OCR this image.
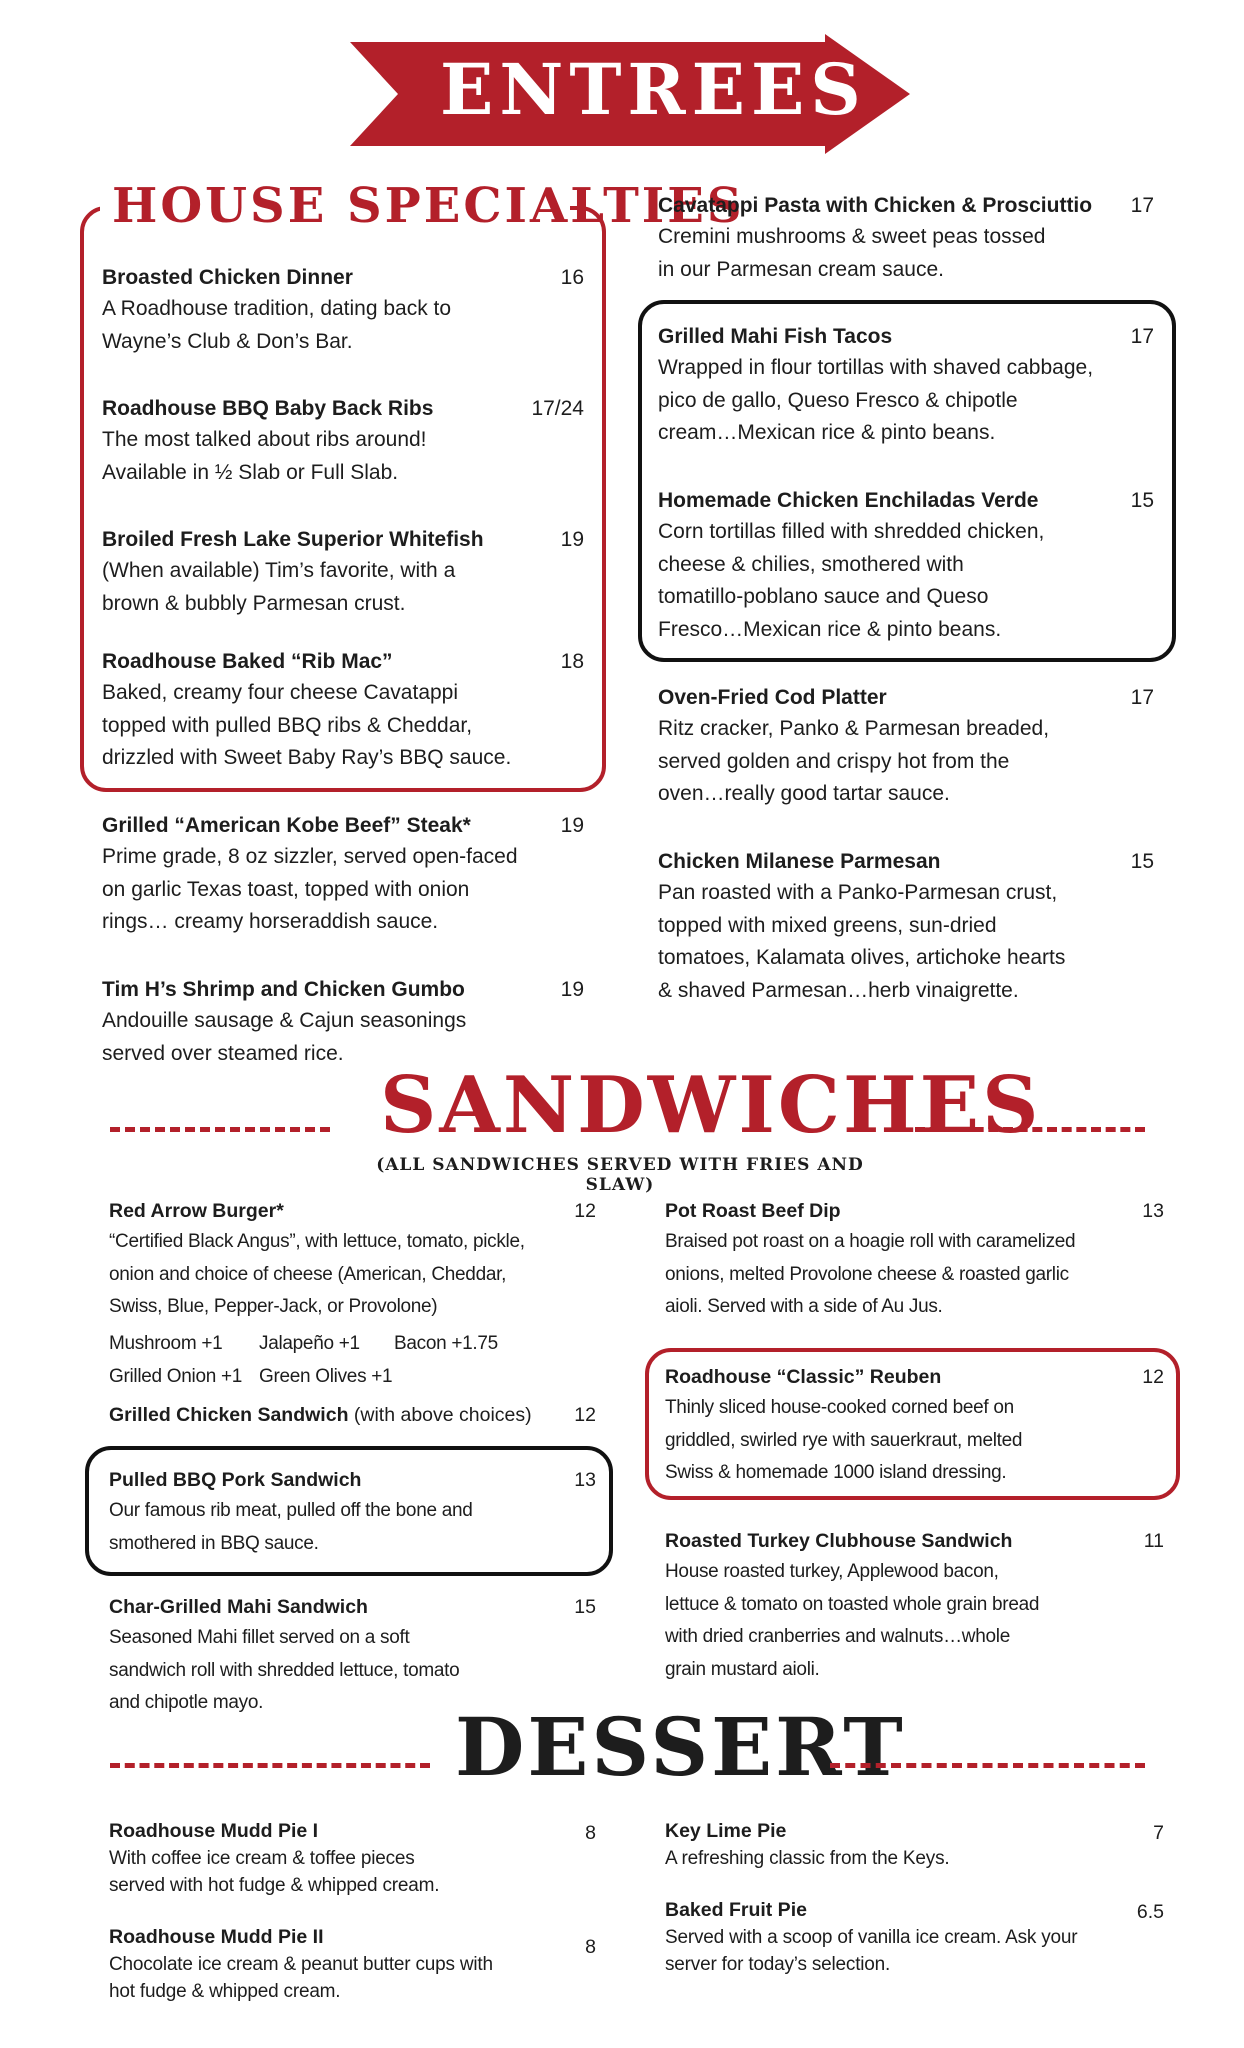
ENTREES
HOUSE SPECIALTIES
Broasted Chicken Dinner
A Roadhouse tradition, dating back to
Wayne’s Club & Don’s Bar.
16
Roadhouse BBQ Baby Back Ribs
The most talked about ribs around!
Available in ½ Slab or Full Slab.
17/24
Broiled Fresh Lake Superior Whitefish
(When available) Tim’s favorite, with a
brown & bubbly Parmesan crust.
19
Roadhouse Baked “Rib Mac”
Baked, creamy four cheese Cavatappi
topped with pulled BBQ ribs & Cheddar,
drizzled with Sweet Baby Ray’s BBQ sauce.
18
Grilled “American Kobe Beef” Steak*
Prime grade, 8 oz sizzler, served open-faced
on garlic Texas toast, topped with onion
rings… creamy horseraddish sauce.
19
Tim H’s Shrimp and Chicken Gumbo
Andouille sausage & Cajun seasonings
served over steamed rice.
19
Cavatappi Pasta with Chicken & Prosciuttio
Cremini mushrooms & sweet peas tossed
in our Parmesan cream sauce.
17
Grilled Mahi Fish Tacos
Wrapped in flour tortillas with shaved cabbage,
pico de gallo, Queso Fresco & chipotle
cream…Mexican rice & pinto beans.
17
Homemade Chicken Enchiladas Verde
Corn tortillas filled with shredded chicken,
cheese & chilies, smothered with
tomatillo-poblano sauce and Queso
Fresco…Mexican rice & pinto beans.
15
Oven-Fried Cod Platter
Ritz cracker, Panko & Parmesan breaded,
served golden and crispy hot from the
oven…really good tartar sauce.
17
Chicken Milanese Parmesan
Pan roasted with a Panko-Parmesan crust,
topped with mixed greens, sun-dried
tomatoes, Kalamata olives, artichoke hearts
& shaved Parmesan…herb vinaigrette.
15
SANDWICHES
(ALL SANDWICHES SERVED WITH FRIES AND SLAW)
Red Arrow Burger*
“Certified Black Angus”, with lettuce, tomato, pickle,
onion and choice of cheese (American, Cheddar,
Swiss, Blue, Pepper-Jack, or Provolone)
12
Pulled BBQ Pork Sandwich
Our famous rib meat, pulled off the bone and
smothered in BBQ sauce.
13
Char-Grilled Mahi Sandwich
Seasoned Mahi fillet served on a soft
sandwich roll with shredded lettuce, tomato
and chipotle mayo.
15
Pot Roast Beef Dip
Braised pot roast on a hoagie roll with caramelized
onions, melted Provolone cheese & roasted garlic
aioli. Served with a side of Au Jus.
13
Roadhouse “Classic” Reuben
Thinly sliced house-cooked corned beef on
griddled, swirled rye with sauerkraut, melted
Swiss & homemade 1000 island dressing.
12
Roasted Turkey Clubhouse Sandwich
House roasted turkey, Applewood bacon,
lettuce & tomato on toasted whole grain bread
with dried cranberries and walnuts…whole
grain mustard aioli.
11
Mushroom +1 Jalapeño +1 Bacon +1.75
Grilled Onion +1 Green Olives +1
Grilled Chicken Sandwich (with above choices)	12
DESSERT
Roadhouse Mudd Pie I
With coffee ice cream & toffee pieces
served with hot fudge & whipped cream.
8
Roadhouse Mudd Pie II
Chocolate ice cream & peanut butter cups with
hot fudge & whipped cream.
8
Key Lime Pie
A refreshing classic from the Keys.
7
Baked Fruit Pie
Served with a scoop of vanilla ice cream. Ask your
server for today’s selection.
6.5
